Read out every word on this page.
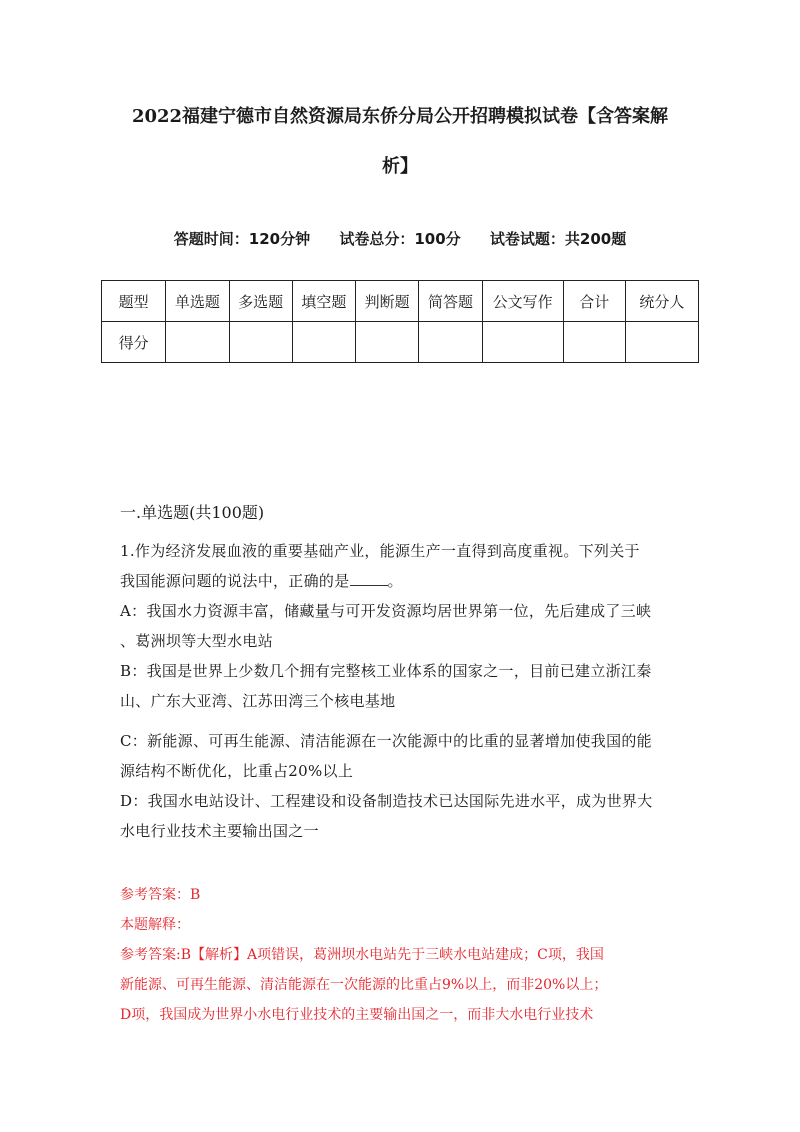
2022福建宁德市自然资源局东侨分局公开招聘模拟试卷【含答案解
析】
答题时间：120分钟 试卷总分：100分 试卷试题：共200题
题型	单选题	多选题	填空题	判断题	简答题	公文写作	合计	统分人
得分								
一.单选题(共100题)
1.作为经济发展血液的重要基础产业，能源生产一直得到高度重视。下列关于
我国能源问题的说法中，正确的是	。
A：我国水力资源丰富，储藏量与可开发资源均居世界第一位，先后建成了三峡
、葛洲坝等大型水电站
B：我国是世界上少数几个拥有完整核工业体系的国家之一，目前已建立浙江秦
山、广东大亚湾、江苏田湾三个核电基地
C：新能源、可再生能源、清洁能源在一次能源中的比重的显著增加使我国的能
源结构不断优化，比重占20%以上
D：我国水电站设计、工程建设和设备制造技术已达国际先进水平，成为世界大
水电行业技术主要输出国之一
参考答案：B
本题解释：
参考答案:B【解析】A项错误，葛洲坝水电站先于三峡水电站建成；C项，我国
新能源、可再生能源、清洁能源在一次能源的比重占9%以上，而非20%以上；
D项，我国成为世界小水电行业技术的主要输出国之一，而非大水电行业技术
